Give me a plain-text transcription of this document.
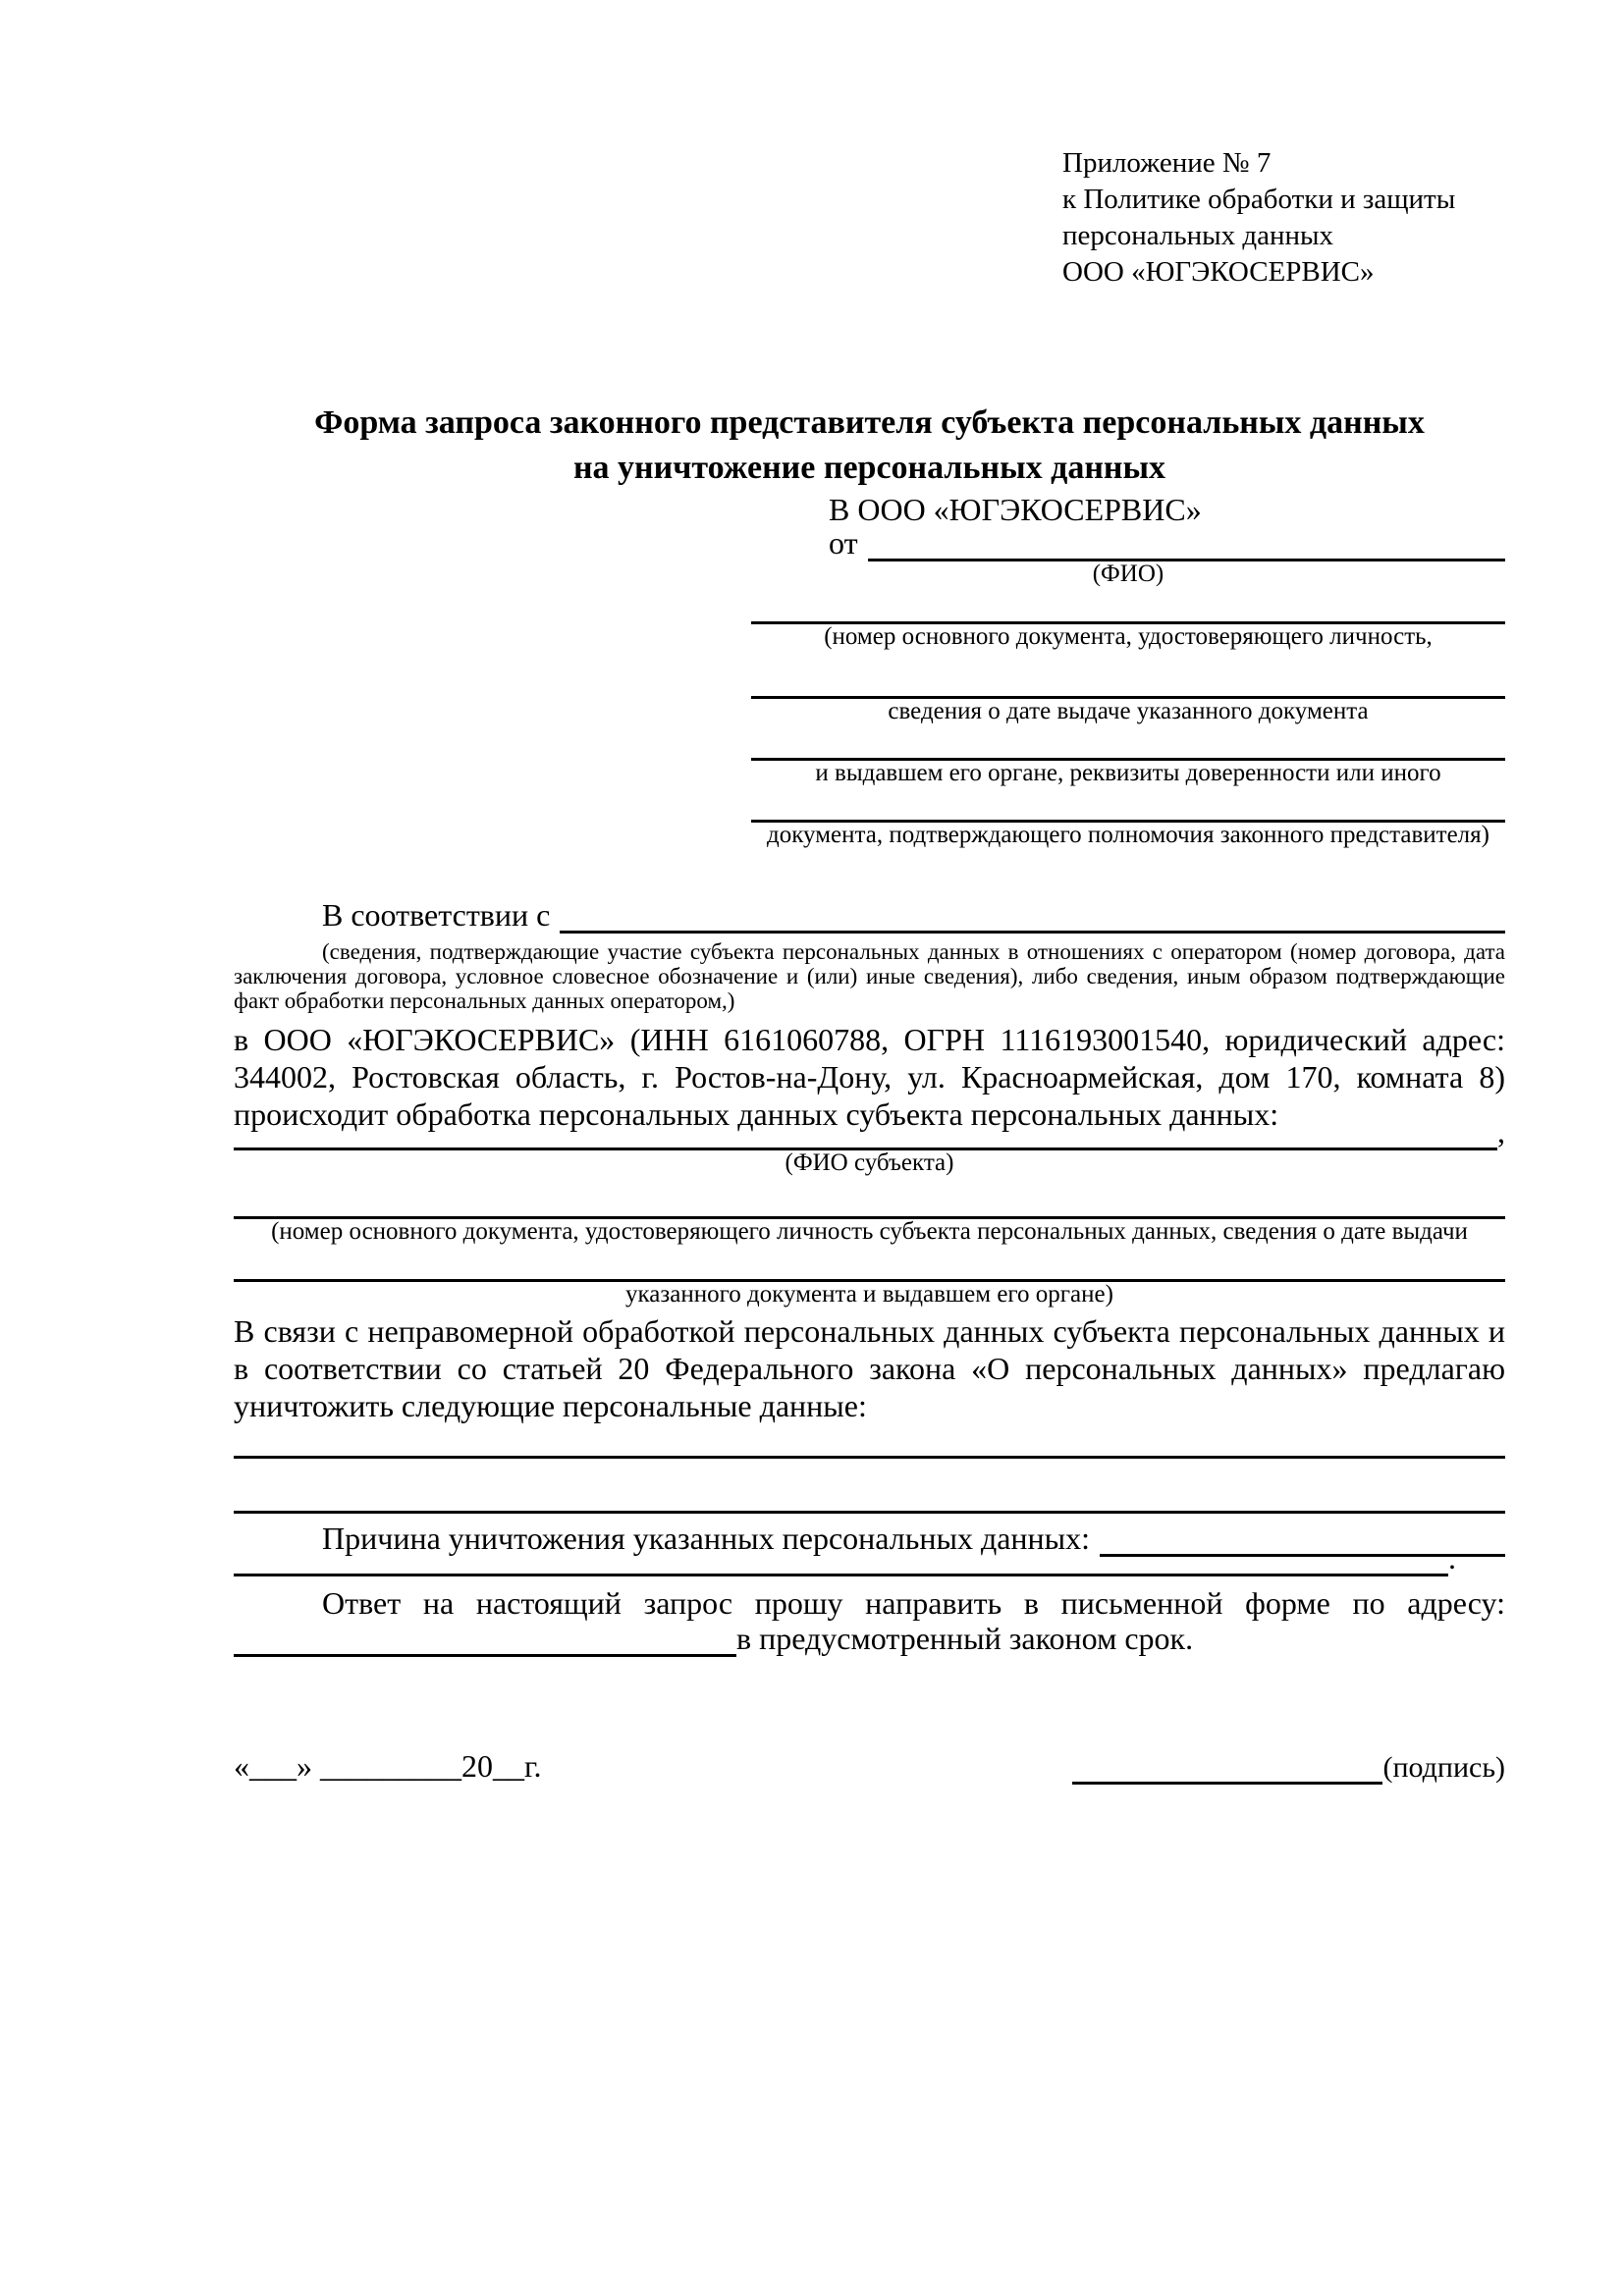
Приложение № 7
к Политике обработки и защиты
персональных данных
ООО «ЮГЭКОСЕРВИС»
Форма запроса законного представителя субъекта персональных данных
на уничтожение персональных данных
В ООО «ЮГЭКОСЕРВИС»
от
(ФИО)
(номер основного документа, удостоверяющего личность,
сведения о дате выдаче указанного документа
и выдавшем его органе, реквизиты доверенности или иного
документа, подтверждающего полномочия законного представителя)
В соответствии с
(сведения, подтверждающие участие субъекта персональных данных в отношениях с оператором (номер договора, дата заключения договора, условное словесное обозначение и (или) иные сведения), либо сведения, иным образом подтверждающие факт обработки персональных данных оператором,)
в ООО «ЮГЭКОСЕРВИС» (ИНН 6161060788, ОГРН 1116193001540, юридический адрес: 344002, Ростовская область, г. Ростов-на-Дону, ул. Красноармейская, дом 170, комната 8) происходит обработка персональных данных субъекта персональных данных:	,
(ФИО субъекта)
(номер основного документа, удостоверяющего личность субъекта персональных данных, сведения о дате выдачи
указанного документа и выдавшем его органе)
В связи с неправомерной обработкой персональных данных субъекта персональных данных и в соответствии со статьей 20 Федерального закона «О персональных данных» предлагаю уничтожить следующие персональные данные:
Причина уничтожения указанных персональных данных:
.
Ответ на настоящий запрос прошу направить в письменной форме по адресу:
в предусмотренный законом срок.
«___» _________20__г.	(подпись)
